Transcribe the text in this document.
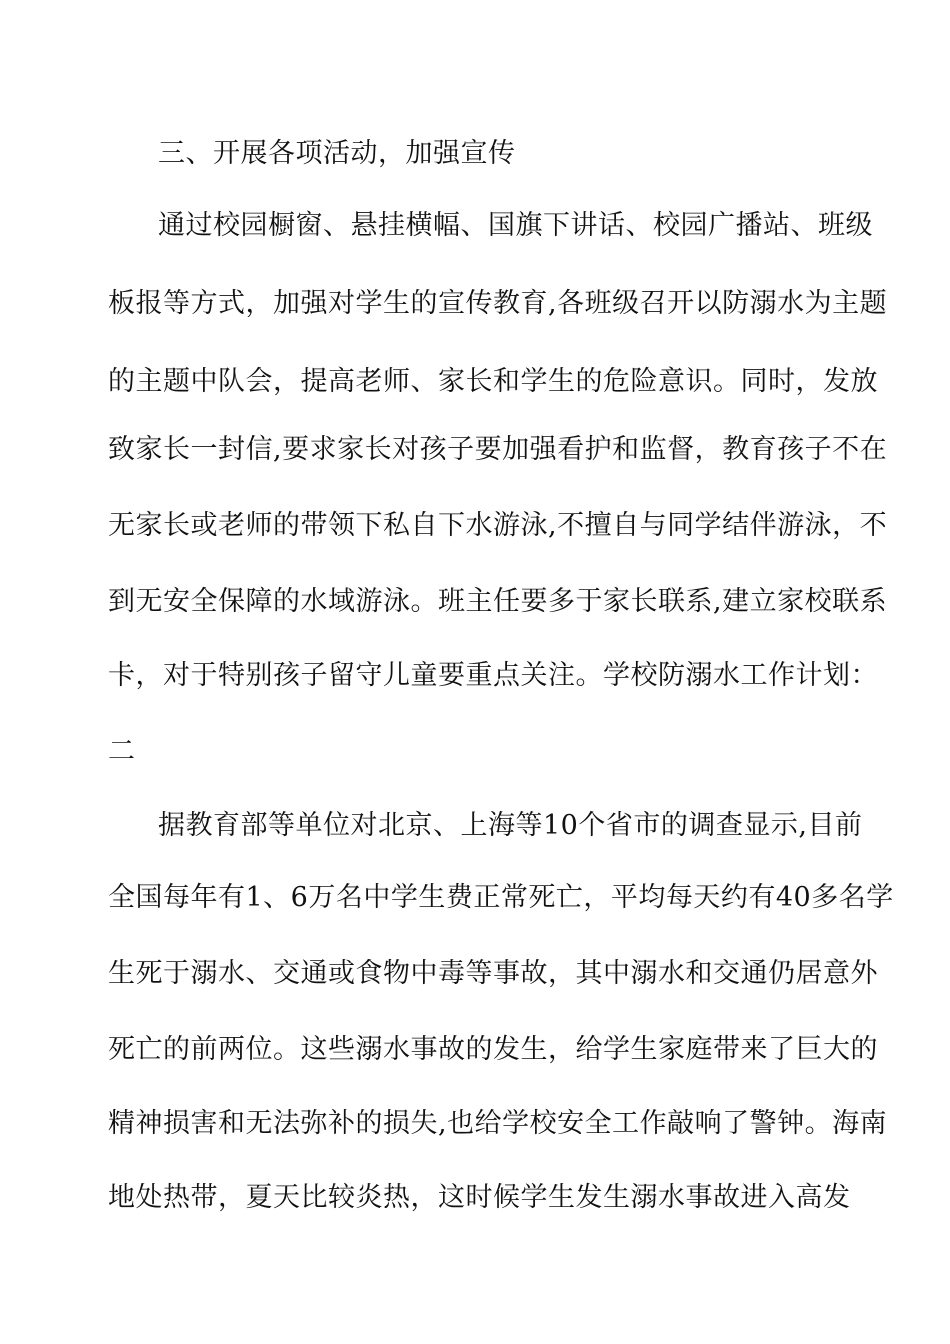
三、开展各项活动，加强宣传
通过校园橱窗、悬挂横幅、国旗下讲话、校园广播站、班级
板报等方式，加强对学生的宣传教育,各班级召开以防溺水为主题
的主题中队会，提高老师、家长和学生的危险意识。同时，发放
致家长一封信,要求家长对孩子要加强看护和监督，教育孩子不在
无家长或老师的带领下私自下水游泳,不擅自与同学结伴游泳，不
到无安全保障的水域游泳。班主任要多于家长联系,建立家校联系
卡，对于特别孩子留守儿童要重点关注。学校防溺水工作计划：
二
据教育部等单位对北京、上海等10个省市的调查显示,目前
全国每年有1、6万名中学生费正常死亡，平均每天约有40多名学
生死于溺水、交通或食物中毒等事故，其中溺水和交通仍居意外
死亡的前两位。这些溺水事故的发生，给学生家庭带来了巨大的
精神损害和无法弥补的损失,也给学校安全工作敲响了警钟。海南
地处热带，夏天比较炎热，这时候学生发生溺水事故进入高发
